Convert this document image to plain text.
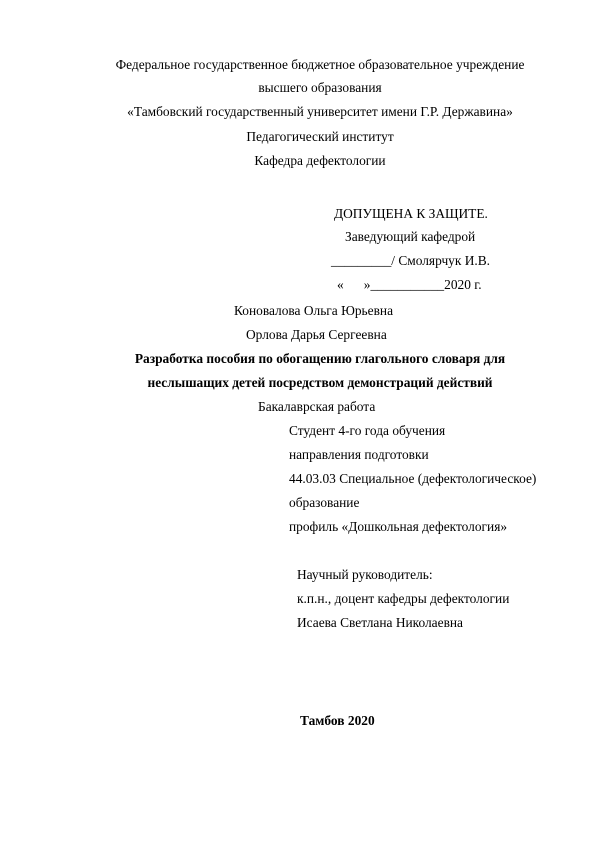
Федеральное государственное бюджетное образовательное учреждение
высшего образования
«Тамбовский государственный университет имени Г.Р. Державина»
Педагогический институт
Кафедра дефектологии
ДОПУЩЕНА К ЗАЩИТЕ.
Заведующий кафедрой
_________/ Смолярчук И.В.
«      »___________2020 г.
Коновалова Ольга Юрьевна
Орлова Дарья Сергеевна
Разработка пособия по обогащению глагольного словаря для
неслышащих детей посредством демонстраций действий
Бакалаврская работа
Студент 4-го года обучения
направления подготовки
44.03.03 Специальное (дефектологическое)
образование
профиль «Дошкольная дефектология»
Научный руководитель:
к.п.н., доцент кафедры дефектологии
Исаева Светлана Николаевна
Тамбов 2020
